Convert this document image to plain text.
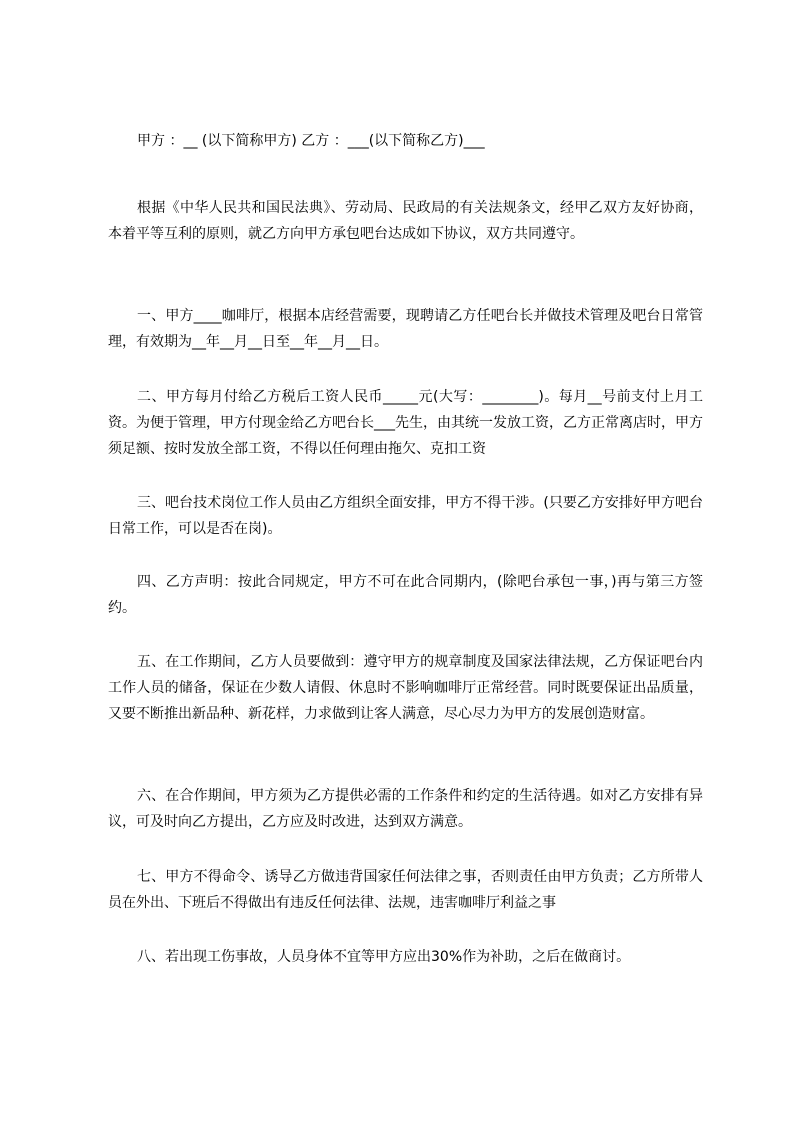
甲方 ：__ (以下简称甲方) 乙方 ：___(以下简称乙方)___

根据《中华人民共和国民法典》、劳动局、民政局的有关法规条文，经甲乙双方友好协商，本着平等互利的原则，就乙方向甲方承包吧台达成如下协议，双方共同遵守。

一、甲方____咖啡厅，根据本店经营需要，现聘请乙方任吧台长并做技术管理及吧台日常管理，有效期为__年__月__日至__年__月__日。

二、甲方每月付给乙方税后工资人民币_____元(大写：________)。每月__号前支付上月工资。为便于管理，甲方付现金给乙方吧台长___先生，由其统一发放工资，乙方正常离店时，甲方须足额、按时发放全部工资，不得以任何理由拖欠、克扣工资

三、吧台技术岗位工作人员由乙方组织全面安排，甲方不得干涉。(只要乙方安排好甲方吧台日常工作，可以是否在岗)。

四、乙方声明：按此合同规定，甲方不可在此合同期内，(除吧台承包一事，)再与第三方签约。

五、在工作期间，乙方人员要做到：遵守甲方的规章制度及国家法律法规，乙方保证吧台内工作人员的储备，保证在少数人请假、休息时不影响咖啡厅正常经营。同时既要保证出品质量，又要不断推出新品种、新花样，力求做到让客人满意，尽心尽力为甲方的发展创造财富。

六、在合作期间，甲方须为乙方提供必需的工作条件和约定的生活待遇。如对乙方安排有异议，可及时向乙方提出，乙方应及时改进，达到双方满意。

七、甲方不得命令、诱导乙方做违背国家任何法律之事，否则责任由甲方负责；乙方所带人员在外出、下班后不得做出有违反任何法律、法规，违害咖啡厅利益之事

八、若出现工伤事故，人员身体不宜等甲方应出30%作为补助，之后在做商讨。
